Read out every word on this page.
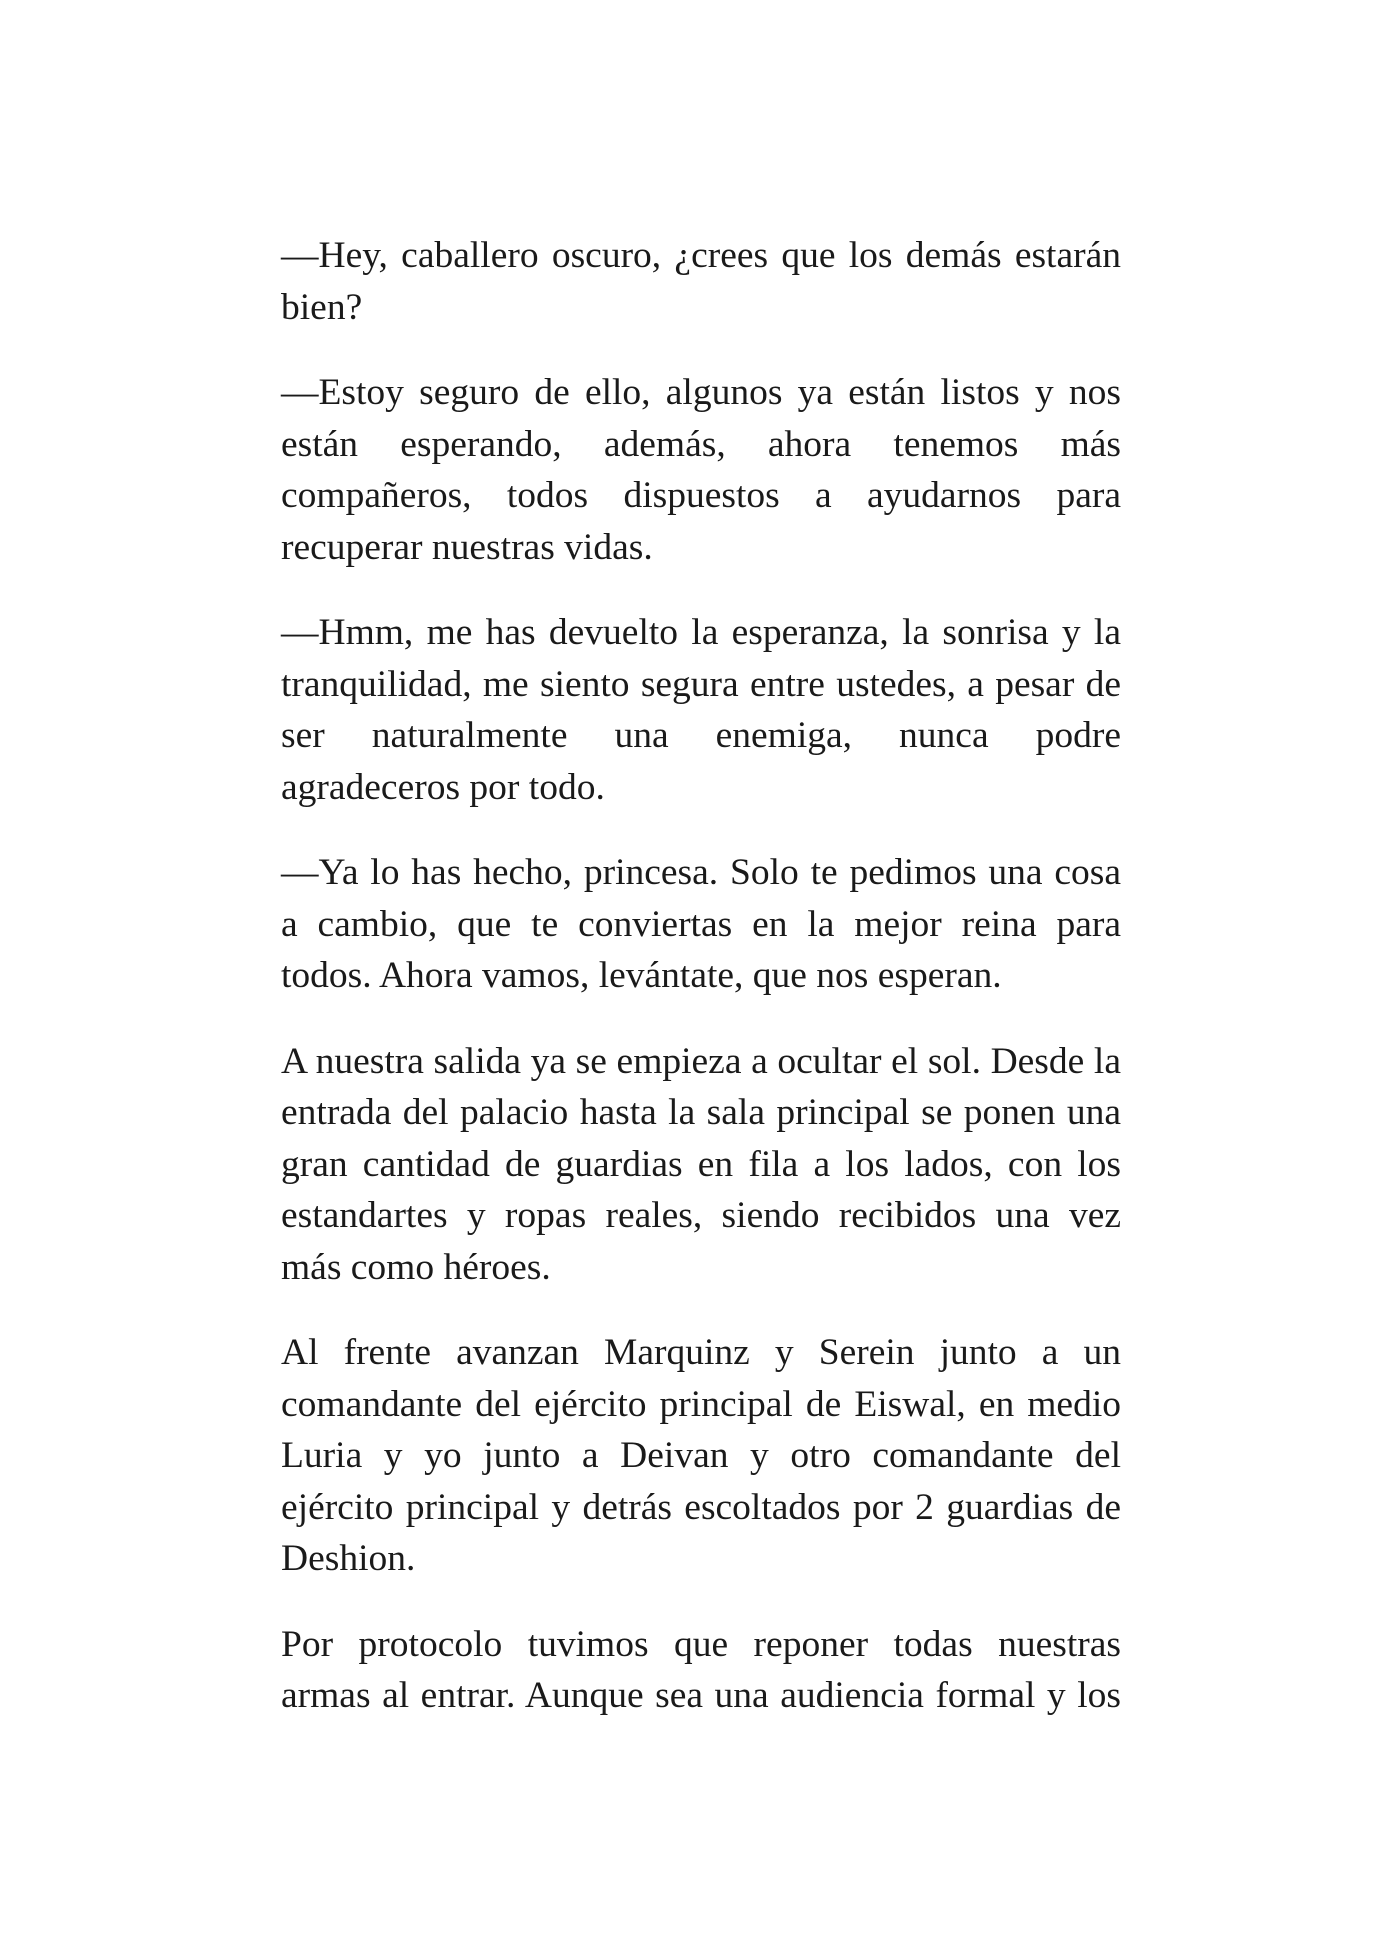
—Hey, caballero oscuro, ¿crees que los demás estarán bien?

—Estoy seguro de ello, algunos ya están listos y nos están esperando, además, ahora tenemos más compañeros, todos dispuestos a ayudarnos para recuperar nuestras vidas.

—Hmm, me has devuelto la esperanza, la sonrisa y la tranquilidad, me siento segura entre ustedes, a pesar de ser naturalmente una enemiga, nunca podre agradeceros por todo.

—Ya lo has hecho, princesa. Solo te pedimos una cosa a cambio, que te conviertas en la mejor reina para todos. Ahora vamos, levántate, que nos esperan.

A nuestra salida ya se empieza a ocultar el sol. Desde la entrada del palacio hasta la sala principal se ponen una gran cantidad de guardias en fila a los lados, con los estandartes y ropas reales, siendo recibidos una vez más como héroes.

Al frente avanzan Marquinz y Serein junto a un comandante del ejército principal de Eiswal, en medio Luria y yo junto a Deivan y otro comandante del ejército principal y detrás escoltados por 2 guardias de Deshion.

Por protocolo tuvimos que reponer todas nuestras armas al entrar. Aunque sea una audiencia formal y los
